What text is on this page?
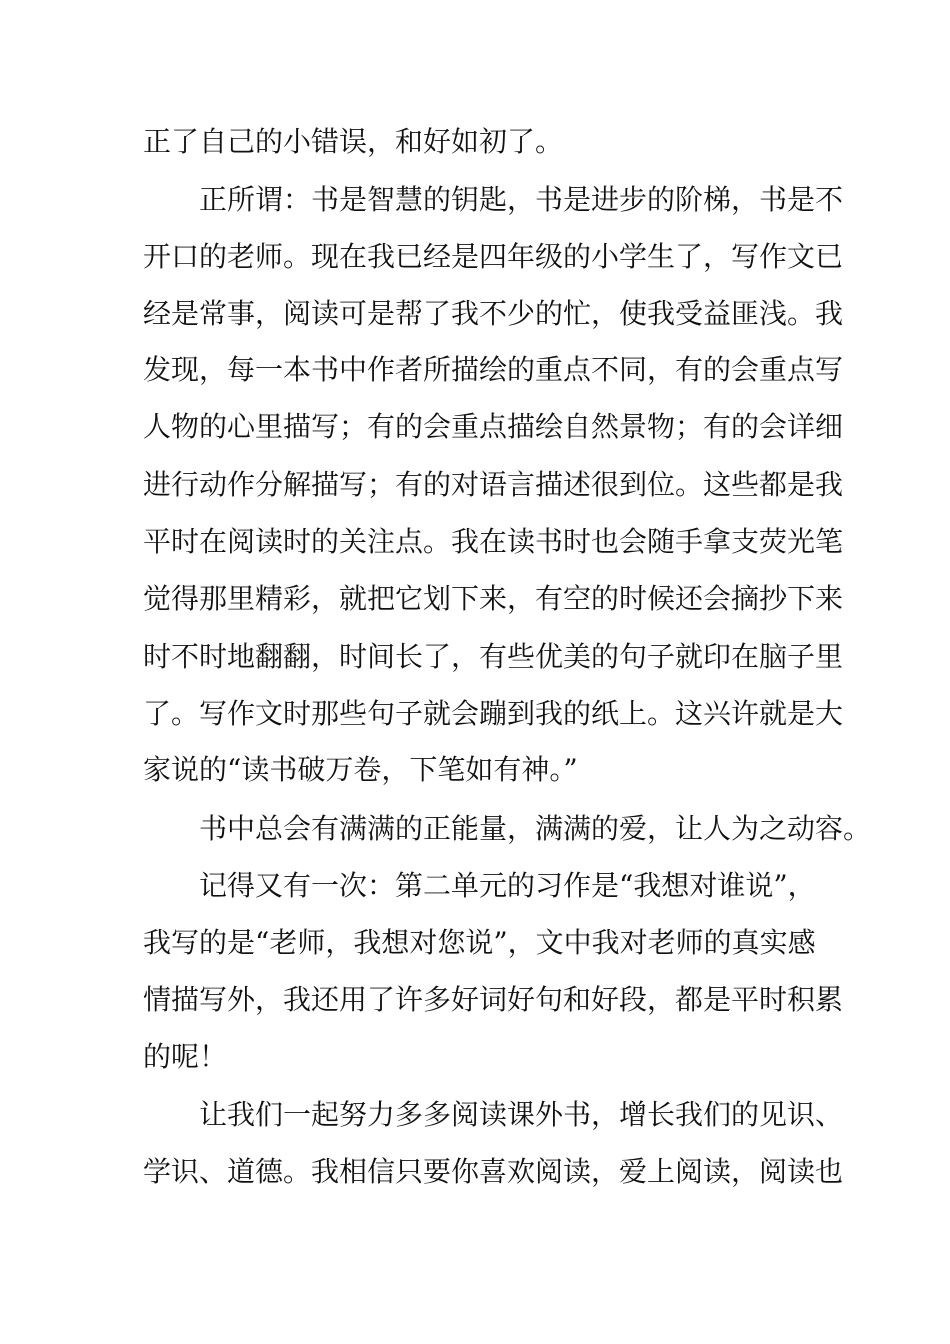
正了自己的小错误，和好如初了。
正所谓：书是智慧的钥匙，书是进步的阶梯，书是不
开口的老师。现在我已经是四年级的小学生了，写作文已
经是常事，阅读可是帮了我不少的忙，使我受益匪浅。我
发现，每一本书中作者所描绘的重点不同，有的会重点写
人物的心里描写；有的会重点描绘自然景物；有的会详细
进行动作分解描写；有的对语言描述很到位。这些都是我
平时在阅读时的关注点。我在读书时也会随手拿支荧光笔
觉得那里精彩，就把它划下来，有空的时候还会摘抄下来
时不时地翻翻，时间长了，有些优美的句子就印在脑子里
了。写作文时那些句子就会蹦到我的纸上。这兴许就是大
家说的“读书破万卷，下笔如有神。”
书中总会有满满的正能量，满满的爱，让人为之动容。
记得又有一次：第二单元的习作是“我想对谁说”，
我写的是“老师，我想对您说”，文中我对老师的真实感
情描写外，我还用了许多好词好句和好段，都是平时积累
的呢！
让我们一起努力多多阅读课外书，增长我们的见识、
学识、道德。我相信只要你喜欢阅读，爱上阅读，阅读也
